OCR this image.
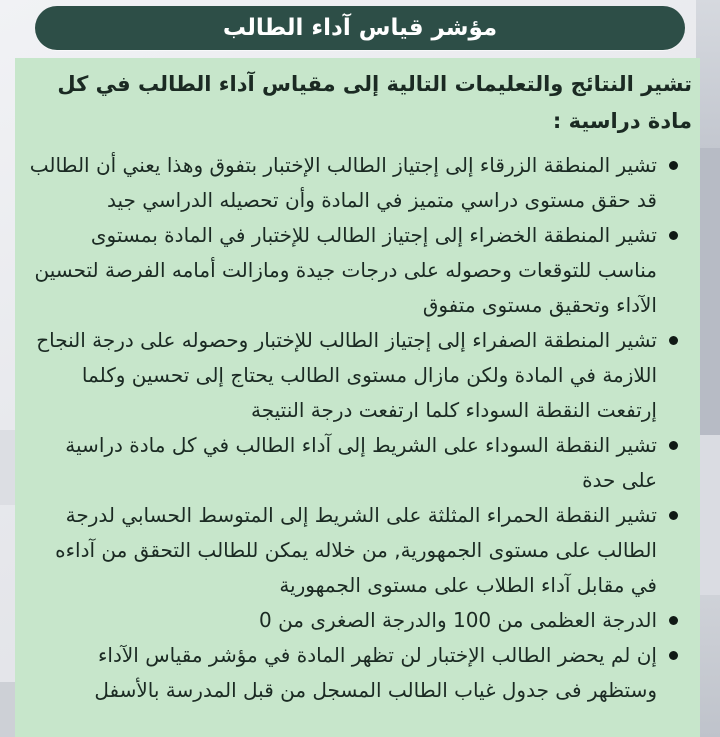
مؤشر قياس آداء الطالب

تشير النتائج والتعليمات التالية إلى مقياس آداء الطالب في كل مادة دراسية :

تشير المنطقة الزرقاء إلى إجتياز الطالب الإختبار بتفوق وهذا يعني أن الطالب قد حقق مستوى دراسي متميز في المادة وأن تحصيله الدراسي جيد
تشير المنطقة الخضراء إلى إجتياز الطالب للإختبار في المادة بمستوى مناسب للتوقعات وحصوله على درجات جيدة ومازالت أمامه الفرصة لتحسين الآداء وتحقيق مستوى متفوق
تشير المنطقة الصفراء إلى إجتياز الطالب للإختبار وحصوله على درجة النجاح اللازمة في المادة ولكن مازال مستوى الطالب يحتاج إلى تحسين وكلما إرتفعت النقطة السوداء كلما ارتفعت درجة النتيجة
تشير النقطة السوداء على الشريط إلى آداء الطالب في كل مادة دراسية على حدة
تشير النقطة الحمراء المثلثة على الشريط إلى المتوسط الحسابي لدرجة الطالب على مستوى الجمهورية, من خلاله يمكن للطالب التحقق من آداءه في مقابل آداء الطلاب على مستوى الجمهورية
الدرجة العظمى من 100 والدرجة الصغرى من 0
إن لم يحضر الطالب الإختبار لن تظهر المادة في مؤشر مقياس الآداء وستظهر فى جدول غياب الطالب المسجل من قبل المدرسة بالأسفل
